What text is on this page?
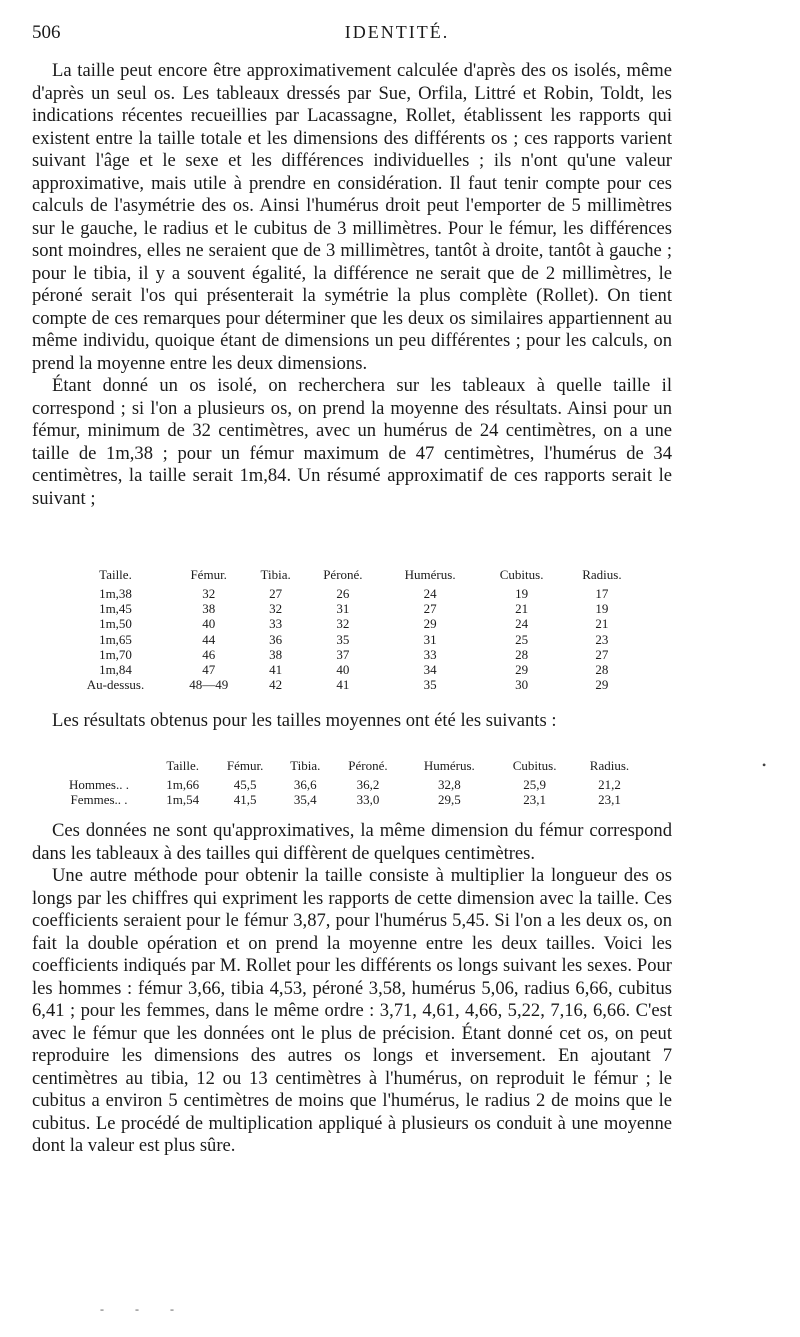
506	IDENTITÉ.

La taille peut encore être approximativement calculée d'après des os isolés, même d'après un seul os. Les tableaux dressés par Sue, Orfila, Littré et Robin, Toldt, les indications récentes recueillies par Lacassagne, Rollet, établissent les rapports qui existent entre la taille totale et les dimensions des différents os ; ces rapports varient suivant l'âge et le sexe et les différences individuelles ; ils n'ont qu'une valeur approximative, mais utile à prendre en considération. Il faut tenir compte pour ces calculs de l'asymétrie des os. Ainsi l'humérus droit peut l'emporter de 5 millimètres sur le gauche, le radius et le cubitus de 3 millimètres. Pour le fémur, les différences sont moindres, elles ne seraient que de 3 millimètres, tantôt à droite, tantôt à gauche ; pour le tibia, il y a souvent égalité, la différence ne serait que de 2 millimètres, le péroné serait l'os qui présenterait la symétrie la plus complète (Rollet). On tient compte de ces remarques pour déterminer que les deux os similaires appartiennent au même individu, quoique étant de dimensions un peu différentes ; pour les calculs, on prend la moyenne entre les deux dimensions.

Étant donné un os isolé, on recherchera sur les tableaux à quelle taille il correspond ; si l'on a plusieurs os, on prend la moyenne des résultats. Ainsi pour un fémur, minimum de 32 centimètres, avec un humérus de 24 centimètres, on a une taille de 1m,38 ; pour un fémur maximum de 47 centimètres, l'humérus de 34 centimètres, la taille serait 1m,84. Un résumé approximatif de ces rapports serait le suivant ;

Taille.	Fémur.	Tibia.	Péroné.	Humérus.	Cubitus.	Radius.
1m,38	32	27	26	24	19	17
1m,45	38	32	31	27	21	19
1m,50	40	33	32	29	24	21
1m,65	44	36	35	31	25	23
1m,70	46	38	37	33	28	27
1m,84	47	41	40	34	29	28
Au-dessus.	48—49	42	41	35	30	29

Les résultats obtenus pour les tailles moyennes ont été les suivants :

	Taille.	Fémur.	Tibia.	Péroné.	Humérus.	Cubitus.	Radius.
Hommes.. .	1m,66	45,5	36,6	36,2	32,8	25,9	21,2
Femmes.. .	1m,54	41,5	35,4	33,0	29,5	23,1	23,1

Ces données ne sont qu'approximatives, la même dimension du fémur correspond dans les tableaux à des tailles qui diffèrent de quelques centimètres.

Une autre méthode pour obtenir la taille consiste à multiplier la longueur des os longs par les chiffres qui expriment les rapports de cette dimension avec la taille. Ces coefficients seraient pour le fémur 3,87, pour l'humérus 5,45. Si l'on a les deux os, on fait la double opération et on prend la moyenne entre les deux tailles. Voici les coefficients indiqués par M. Rollet pour les différents os longs suivant les sexes. Pour les hommes : fémur 3,66, tibia 4,53, péroné 3,58, humérus 5,06, radius 6,66, cubitus 6,41 ; pour les femmes, dans le même ordre : 3,71, 4,61, 4,66, 5,22, 7,16, 6,66. C'est avec le fémur que les données ont le plus de précision. Étant donné cet os, on peut reproduire les dimensions des autres os longs et inversement. En ajoutant 7 centimètres au tibia, 12 ou 13 centimètres à l'humérus, on reproduit le fémur ; le cubitus a environ 5 centimètres de moins que l'humérus, le radius 2 de moins que le cubitus. Le procédé de multiplication appliqué à plusieurs os conduit à une moyenne dont la valeur est plus sûre.

•
- - -
